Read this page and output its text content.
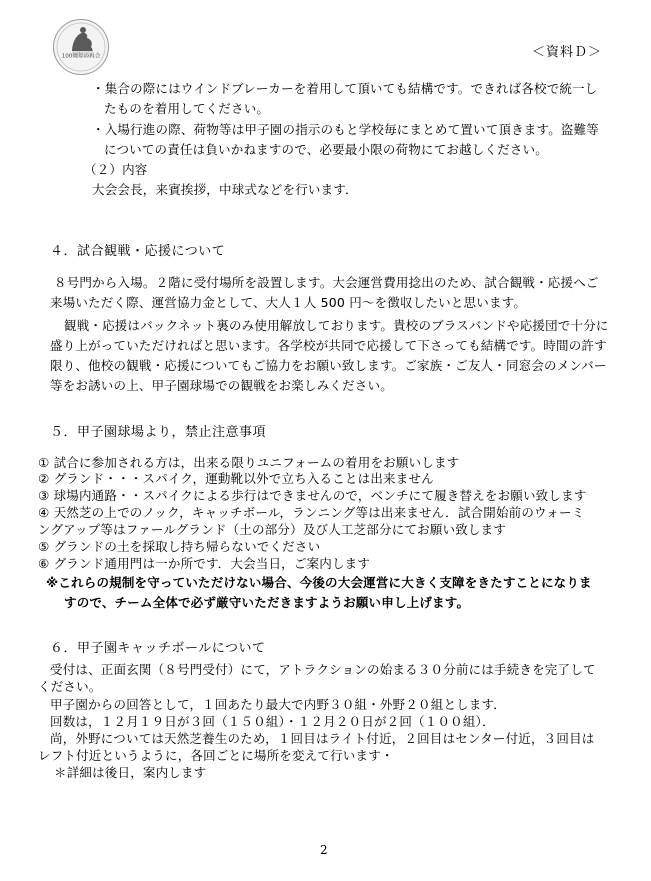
100周年の再会	＜資料Ｄ＞
・集合の際にはウインドブレーカーを着用して頂いても結構です。できれば各校で統一し
たものを着用してください。
・入場行進の際、荷物等は甲子園の指示のもと学校毎にまとめて置いて頂きます。盗難等
についての責任は負いかねますので、必要最小限の荷物にてお越しください。
（２）内容
大会会長，来賓挨拶，中球式などを行います．
４．試合観戦・応援について
８号門から入場。２階に受付場所を設置します。大会運営費用捻出のため、試合観戦・応援へご
来場いただく際、運営協力金として、大人１人 500 円～を徴収したいと思います。
観戦・応援はバックネット裏のみ使用解放しております。貴校のブラスバンドや応援団で十分に
盛り上がっていただければと思います。各学校が共同で応援して下さっても結構です。時間の許す
限り、他校の観戦・応援についてもご協力をお願い致します。ご家族・ご友人・同窓会のメンバー
等をお誘いの上、甲子園球場での観戦をお楽しみください。
５．甲子園球場より，禁止注意事項
① 試合に参加される方は，出来る限りユニフォームの着用をお願いします
② グランド・・・スパイク，運動靴以外で立ち入ることは出来ません
③ 球場内通路・・スパイクによる歩行はできませんので，ベンチにて履き替えをお願い致します
④ 天然芝の上でのノック，キャッチボール，ランニング等は出来ません．試合開始前のウォーミ
ングアップ等はファールグランド（土の部分）及び人工芝部分にてお願い致します
⑤ グランドの土を採取し持ち帰らないでください
⑥ グランド通用門は一か所です．大会当日，ご案内します
※これらの規制を守っていただけない場合、今後の大会運営に大きく支障をきたすことになりま
すので、チーム全体で必ず厳守いただきますようお願い申し上げます。
６．甲子園キャッチボールについて
受付は、正面玄関（８号門受付）にて，アトラクションの始まる３０分前には手続きを完了して
ください。
甲子園からの回答として，１回あたり最大で内野３０組・外野２０組とします．
回数は，１２月１９日が３回（１５０組）・１２月２０日が２回（１００組）．
尚，外野については天然芝養生のため，１回目はライト付近，２回目はセンター付近，３回目は
レフト付近というように，各回ごとに場所を変えて行います・
＊詳細は後日，案内します
2
